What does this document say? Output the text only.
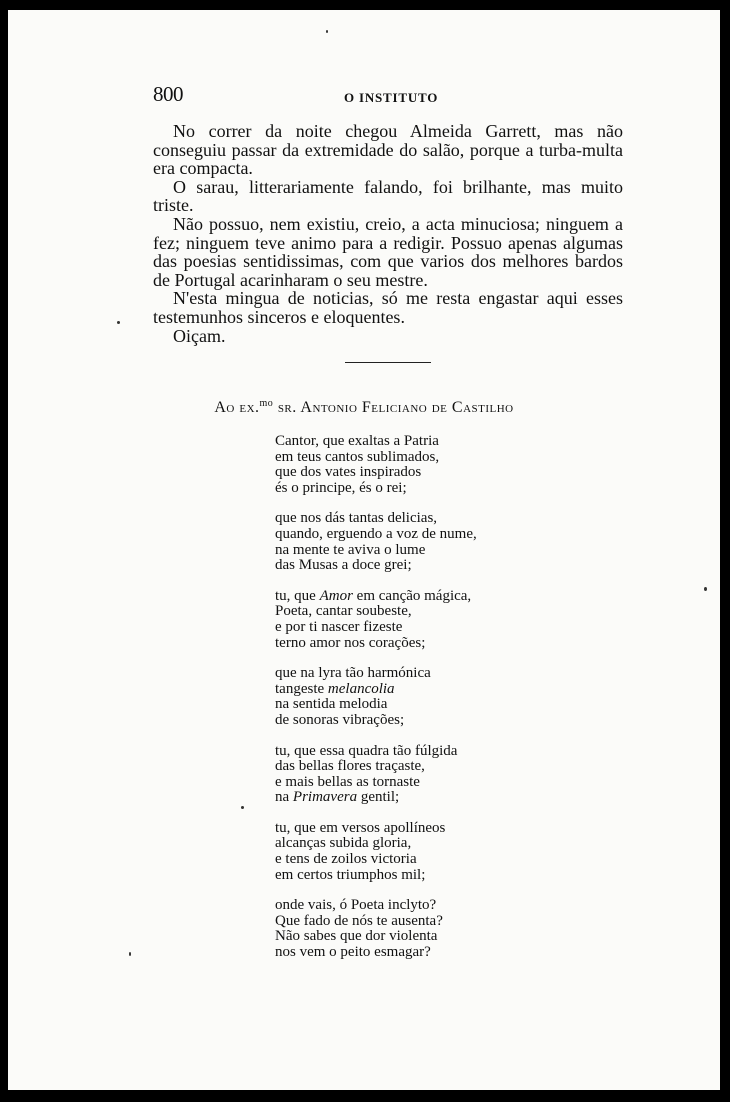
800	O INSTITUTO

No correr da noite chegou Almeida Garrett, mas não conseguiu passar da extremidade do salão, porque a turba-multa era compacta.

O sarau, litterariamente falando, foi brilhante, mas muito triste.

Não possuo, nem existiu, creio, a acta minuciosa; ninguem a fez; ninguem teve animo para a redigir. Possuo apenas algumas das poesias sentidissimas, com que varios dos melhores bardos de Portugal acarinharam o seu mestre.

N'esta mingua de noticias, só me resta engastar aqui esses testemunhos sinceros e eloquentes.

Oiçam.

Ao ex.$^{mo}$ sr. Antonio Feliciano de Castilho
Cantor, que exaltas a Patria
em teus cantos sublimados,
que dos vates inspirados
és o principe, és o rei;
que nos dás tantas delicias,
quando, erguendo a voz de nume,
na mente te aviva o lume
das Musas a doce grei;
tu, que Amor em canção mágica,
Poeta, cantar soubeste,
e por ti nascer fizeste
terno amor nos corações;
que na lyra tão harmónica
tangeste melancolia
na sentida melodia
de sonoras vibrações;
tu, que essa quadra tão fúlgida
das bellas flores traçaste,
e mais bellas as tornaste
na Primavera gentil;
tu, que em versos apollíneos
alcanças subida gloria,
e tens de zoilos victoria
em certos triumphos mil;
onde vais, ó Poeta inclyto?
Que fado de nós te ausenta?
Não sabes que dor violenta
nos vem o peito esmagar?
